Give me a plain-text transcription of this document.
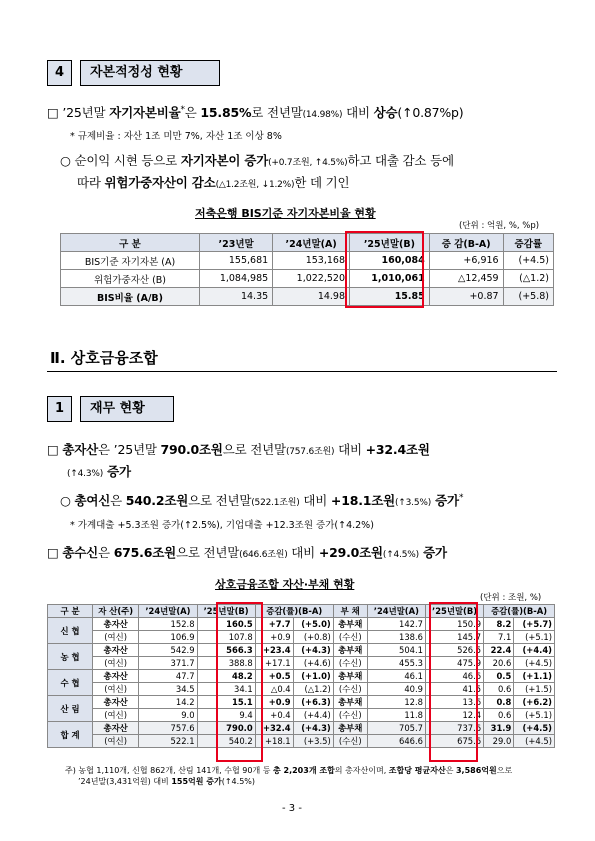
4	자본적정성 현황
□ ’25년말 자기자본비율*은 15.85%로 전년말(14.98%) 대비 상승(↑0.87%p)
* 규제비율 : 자산 1조 미만 7%, 자산 1조 이상 8%
○ 순이익 시현 등으로 자기자본이 증가(+0.7조원, ↑4.5%)하고 대출 감소 등에
따라 위험가중자산이 감소(△1.2조원, ↓1.2%)한 데 기인
저축은행 BIS기준 자기자본비율 현황
(단위 : 억원, %, %p)
구 분	’23년말	’24년말(A)	’25년말(B)	증 감(B-A)	증감률
BIS기준 자기자본 (A)	155,681	153,168	160,084	+6,916	(+4.5)
위험가중자산 (B)	1,084,985	1,022,520	1,010,061	△12,459	(△1.2)
BIS비율 (A/B)	14.35	14.98	15.85	+0.87	(+5.8)
Ⅱ. 상호금융조합
1	재무 현황
□ 총자산은 ’25년말 790.0조원으로 전년말(757.6조원) 대비 +32.4조원
(↑4.3%) 증가
○ 총여신은 540.2조원으로 전년말(522.1조원) 대비 +18.1조원(↑3.5%) 증가*
* 가계대출 +5.3조원 증가(↑2.5%), 기업대출 +12.3조원 증가(↑4.2%)
□ 총수신은 675.6조원으로 전년말(646.6조원) 대비 +29.0조원(↑4.5%) 증가
상호금융조합 자산·부채 현황
(단위 : 조원, %)
구 분	자 산(주)	’24년말(A)	’25년말(B)	증감(률)(B-A)		부 채	’24년말(A)	’25년말(B)	증감(률)(B-A)	
신 협	총자산	152.8	160.5	+7.7	(+5.0)	총부채	142.7	150.9	8.2	(+5.7)
	(여신)	106.9	107.8	+0.9	(+0.8)	(수신)	138.6	145.7	7.1	(+5.1)
농 협	총자산	542.9	566.3	+23.4	(+4.3)	총부채	504.1	526.5	22.4	(+4.4)
	(여신)	371.7	388.8	+17.1	(+4.6)	(수신)	455.3	475.9	20.6	(+4.5)
수 협	총자산	47.7	48.2	+0.5	(+1.0)	총부채	46.1	46.6	0.5	(+1.1)
	(여신)	34.5	34.1	△0.4	(△1.2)	(수신)	40.9	41.5	0.6	(+1.5)
산 림	총자산	14.2	15.1	+0.9	(+6.3)	총부채	12.8	13.6	0.8	(+6.2)
	(여신)	9.0	9.4	+0.4	(+4.4)	(수신)	11.8	12.4	0.6	(+5.1)
합 계	총자산	757.6	790.0	+32.4	(+4.3)	총부채	705.7	737.6	31.9	(+4.5)
	(여신)	522.1	540.2	+18.1	(+3.5)	(수신)	646.6	675.6	29.0	(+4.5)
주) 농협 1,110개, 신협 862개, 산림 141개, 수협 90개 등 총 2,203개 조합의 총자산이며, 조합당 평균자산은 3,586억원으로
’24년말(3,431억원) 대비 155억원 증가(↑4.5%)
- 3 -
